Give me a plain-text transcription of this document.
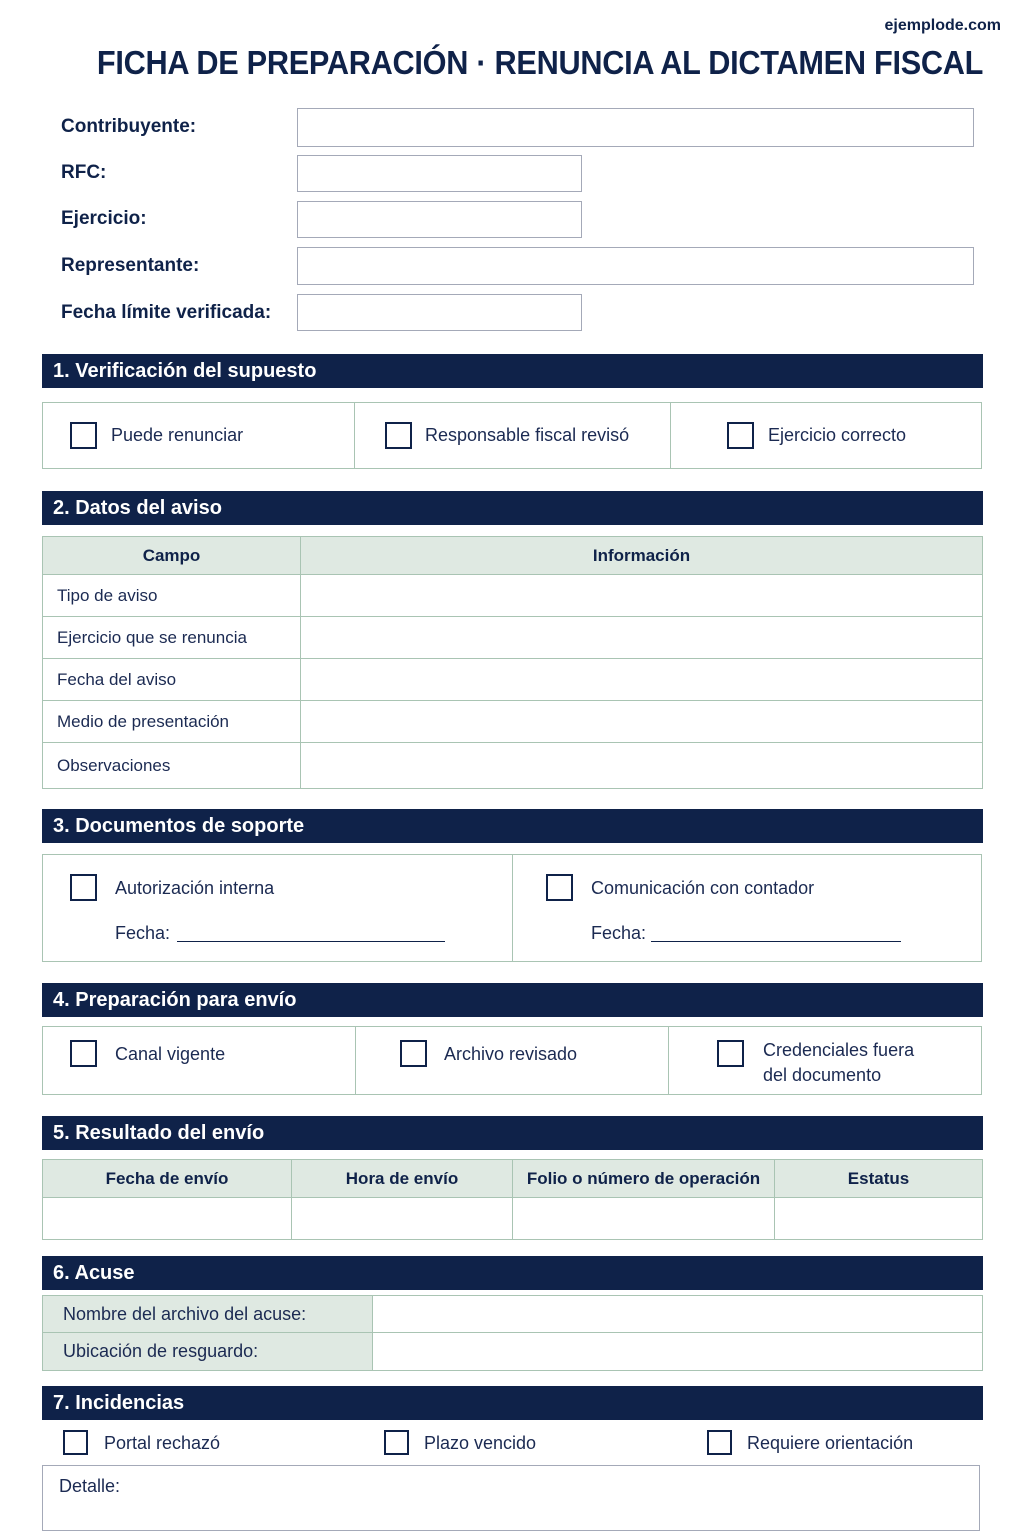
ejemplode.com
FICHA DE PREPARACIÓN · RENUNCIA AL DICTAMEN FISCAL
Contribuyente:
RFC:
Ejercicio:
Representante:
Fecha límite verificada:
1. Verificación del supuesto
Puede renunciar	Responsable fiscal revisó	Ejercicio correcto
2. Datos del aviso
Campo	Información
Tipo de aviso	
Ejercicio que se renuncia	
Fecha del aviso	
Medio de presentación	
Observaciones	
3. Documentos de soporte
Autorización interna
Fecha:
Comunicación con contador
Fecha:
4. Preparación para envío
Canal vigente	Archivo revisado	Credenciales fuera del documento
5. Resultado del envío
Fecha de envío	Hora de envío	Folio o número de operación	Estatus

6. Acuse
Nombre del archivo del acuse:	
Ubicación de resguardo:	
7. Incidencias
Portal rechazó	Plazo vencido	Requiere orientación
Detalle:
